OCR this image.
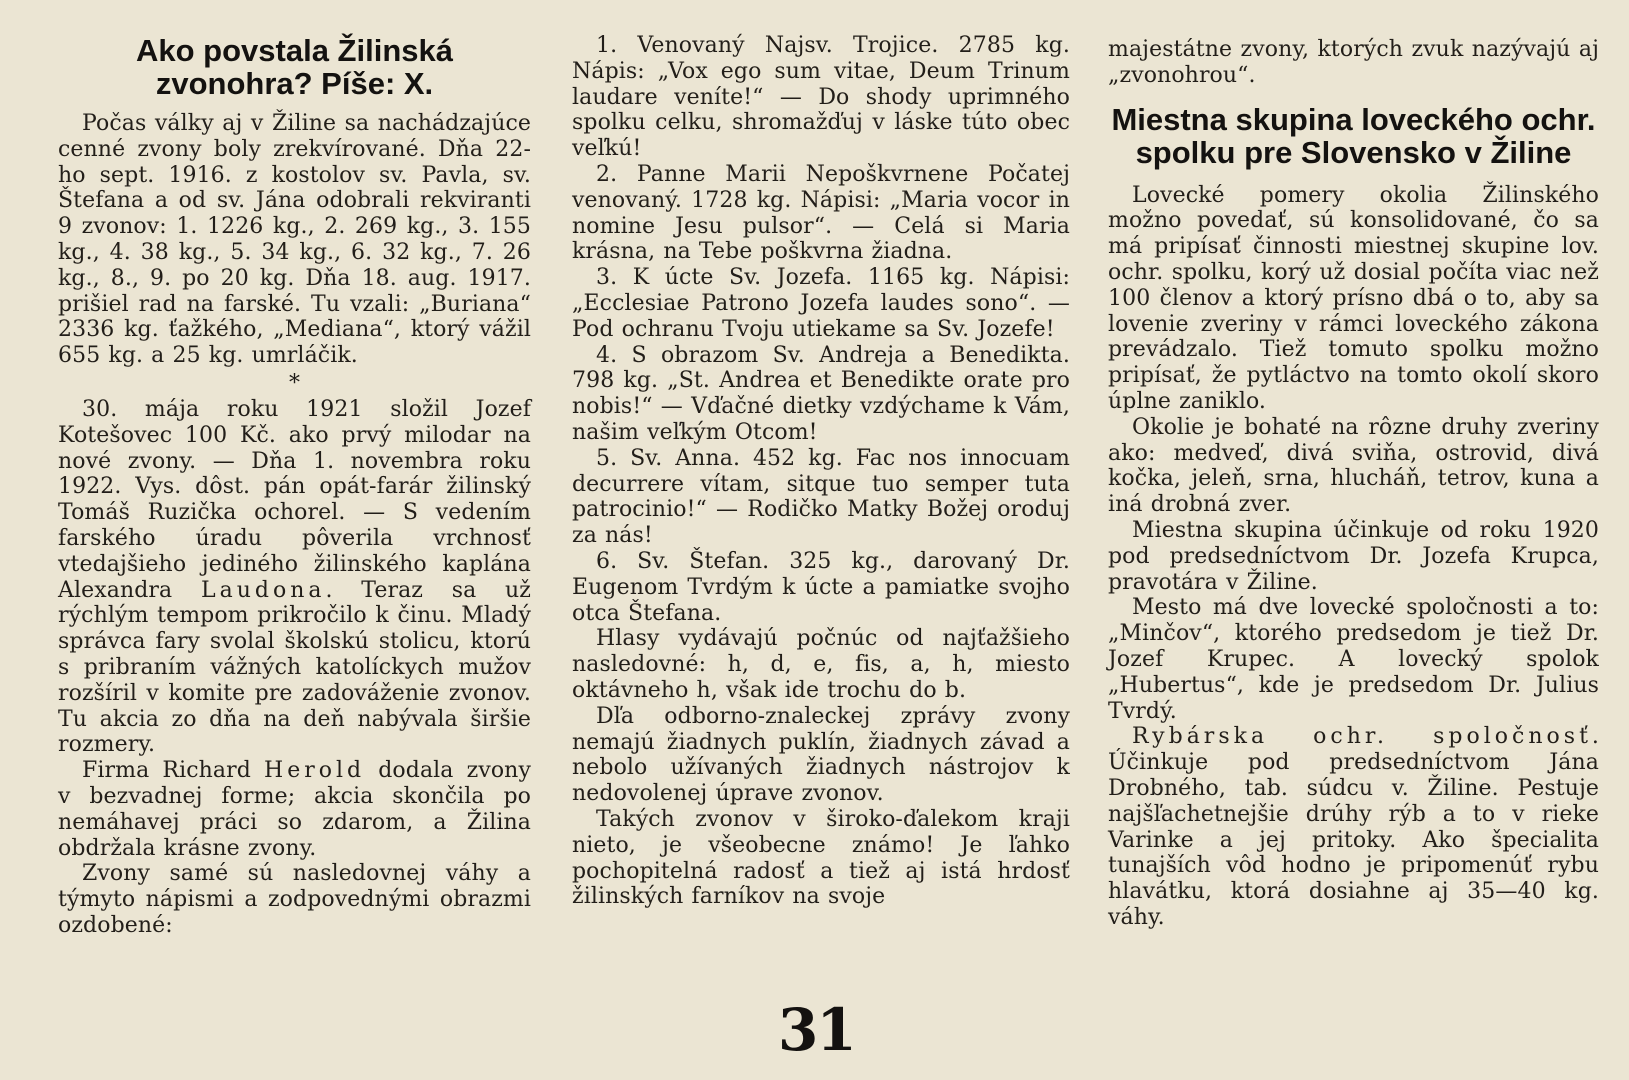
Ako povstala Žilinská zvonohra? Píše: X.

Počas války aj v Žiline sa nachádzajúce cenné zvony boly zrekvírované. Dňa 22-ho sept. 1916. z kostolov sv. Pavla, sv. Štefana a od sv. Jána odobrali rekviranti 9 zvonov: 1. 1226 kg., 2. 269 kg., 3. 155 kg., 4. 38 kg., 5. 34 kg., 6. 32 kg., 7. 26 kg., 8., 9. po 20 kg. Dňa 18. aug. 1917. prišiel rad na farské. Tu vzali: „Buriana“ 2336 kg. ťažkého, „Mediana“, ktorý vážil 655 kg. a 25 kg. umrláčik.

*

30. mája roku 1921 složil Jozef Kotešovec 100 Kč. ako prvý milodar na nové zvony. — Dňa 1. novembra roku 1922. Vys. dôst. pán opát-farár žilinský Tomáš Ruzička ochorel. — S vedením farského úradu pôverila vrchnosť vtedajšieho jediného žilinského kaplána Alexandra Laudona. Teraz sa už rýchlým tempom prikročilo k činu. Mladý správca fary svolal školskú stolicu, ktorú s pribraním vážných katolíckych mužov rozšíril v komite pre zadováženie zvonov. Tu akcia zo dňa na deň nabývala širšie rozmery.

Firma Richard Herold dodala zvony v bezvadnej forme; akcia skončila po nemáhavej práci so zdarom, a Žilina obdržala krásne zvony.

Zvony samé sú nasledovnej váhy a týmyto nápismi a zodpovednými obrazmi ozdobené:

1. Venovaný Najsv. Trojice. 2785 kg. Nápis: „Vox ego sum vitae, Deum Trinum laudare veníte!“ — Do shody uprimného spolku celku, shromažďuj v láske túto obec veľkú!

2. Panne Marii Nepoškvrnene Počatej venovaný. 1728 kg. Nápisi: „Maria vocor in nomine Jesu pulsor“. — Celá si Maria krásna, na Tebe poškvrna žiadna.

3. K úcte Sv. Jozefa. 1165 kg. Nápisi: „Ecclesiae Patrono Jozefa laudes sono“. — Pod ochranu Tvoju utiekame sa Sv. Jozefe!

4. S obrazom Sv. Andreja a Benedikta. 798 kg. „St. Andrea et Benedikte orate pro nobis!“ — Vďačné dietky vzdýchame k Vám, našim veľkým Otcom!

5. Sv. Anna. 452 kg. Fac nos innocuam decurrere vítam, sitque tuo semper tuta patrocinio!“ — Rodičko Matky Božej oroduj za nás!

6. Sv. Štefan. 325 kg., darovaný Dr. Eugenom Tvrdým k úcte a pamiatke svojho otca Štefana.

Hlasy vydávajú počnúc od najťažšieho nasledovné: h, d, e, fis, a, h, miesto oktávneho h, však ide trochu do b.

Dľa odborno-znaleckej zprávy zvony nemajú žiadnych puklín, žiadnych závad a nebolo užívaných žiadnych nástrojov k nedovolenej úprave zvonov.

Takých zvonov v široko-ďalekom kraji nieto, je všeobecne známo! Je ľahko pochopitelná radosť a tiež aj istá hrdosť žilinských farníkov na svoje

majestátne zvony, ktorých zvuk nazývajú aj „zvonohrou“.

Miestna skupina loveckého ochr. spolku pre Slovensko v Žiline

Lovecké pomery okolia Žilinského možno povedať, sú konsolidované, čo sa má pripísať činnosti miestnej skupine lov. ochr. spolku, korý už dosial počíta viac než 100 členov a ktorý prísno dbá o to, aby sa lovenie zveriny v rámci loveckého zákona prevádzalo. Tiež tomuto spolku možno pripísať, že pytláctvo na tomto okolí skoro úplne zaniklo.

Okolie je bohaté na rôzne druhy zveriny ako: medveď, divá sviňa, ostrovid, divá kočka, jeleň, srna, hlucháň, tetrov, kuna a iná drobná zver.

Miestna skupina účinkuje od roku 1920 pod predsedníctvom Dr. Jozefa Krupca, pravotára v Žiline.

Mesto má dve lovecké spoločnosti a to: „Minčov“, ktorého predsedom je tiež Dr. Jozef Krupec. A lovecký spolok „Hubertus“, kde je predsedom Dr. Julius Tvrdý.

Rybárska ochr. spoločnosť. Účinkuje pod predsedníctvom Jána Drobného, tab. súdcu v. Žiline. Pestuje najšľachetnejšie drúhy rýb a to v rieke Varinke a jej pritoky. Ako špecialita tunajších vôd hodno je pripomenúť rybu hlavátku, ktorá dosiahne aj 35—40 kg. váhy.

31
